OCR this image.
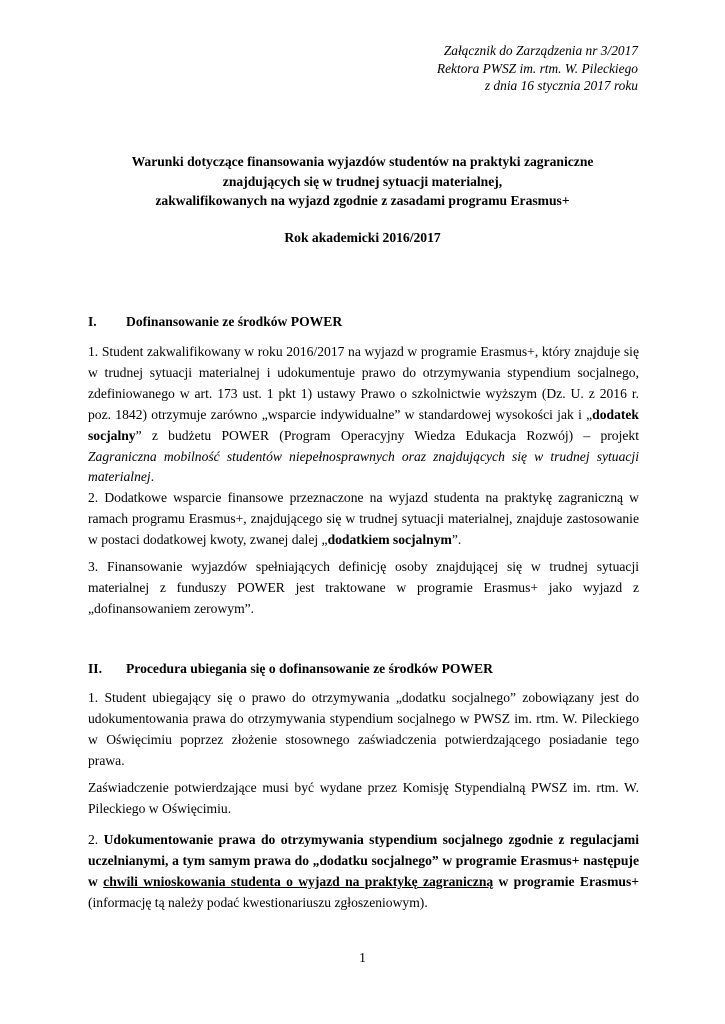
Załącznik do Zarządzenia nr 3/2017
Rektora PWSZ im. rtm. W. Pileckiego
z dnia 16 stycznia 2017 roku
Warunki dotyczące finansowania wyjazdów studentów na praktyki zagraniczne
znajdujących się w trudnej sytuacji materialnej,
zakwalifikowanych na wyjazd zgodnie z zasadami programu Erasmus+
Rok akademicki 2016/2017
I. Dofinansowanie ze środków POWER
1. Student zakwalifikowany w roku 2016/2017 na wyjazd w programie Erasmus+, który znajduje się w trudnej sytuacji materialnej i udokumentuje prawo do otrzymywania stypendium socjalnego, zdefiniowanego w art. 173 ust. 1 pkt 1) ustawy Prawo o szkolnictwie wyższym (Dz. U. z 2016 r. poz. 1842) otrzymuje zarówno „wsparcie indywidualne” w standardowej wysokości jak i „dodatek socjalny” z budżetu POWER (Program Operacyjny Wiedza Edukacja Rozwój) – projekt Zagraniczna mobilność studentów niepełnosprawnych oraz znajdujących się w trudnej sytuacji materialnej.
2. Dodatkowe wsparcie finansowe przeznaczone na wyjazd studenta na praktykę zagraniczną w ramach programu Erasmus+, znajdującego się w trudnej sytuacji materialnej, znajduje zastosowanie w postaci dodatkowej kwoty, zwanej dalej „dodatkiem socjalnym”.
3. Finansowanie wyjazdów spełniających definicję osoby znajdującej się w trudnej sytuacji materialnej z funduszy POWER jest traktowane w programie Erasmus+ jako wyjazd z „dofinansowaniem zerowym”.
II. Procedura ubiegania się o dofinansowanie ze środków POWER
1. Student ubiegający się o prawo do otrzymywania „dodatku socjalnego” zobowiązany jest do udokumentowania prawa do otrzymywania stypendium socjalnego w PWSZ im. rtm. W. Pileckiego w Oświęcimiu poprzez złożenie stosownego zaświadczenia potwierdzającego posiadanie tego prawa.
Zaświadczenie potwierdzające musi być wydane przez Komisję Stypendialną PWSZ im. rtm. W. Pileckiego w Oświęcimiu.
2. Udokumentowanie prawa do otrzymywania stypendium socjalnego zgodnie z regulacjami uczelnianymi, a tym samym prawa do „dodatku socjalnego” w programie Erasmus+ następuje w chwili wnioskowania studenta o wyjazd na praktykę zagraniczną w programie Erasmus+ (informację tą należy podać kwestionariuszu zgłoszeniowym).
1
